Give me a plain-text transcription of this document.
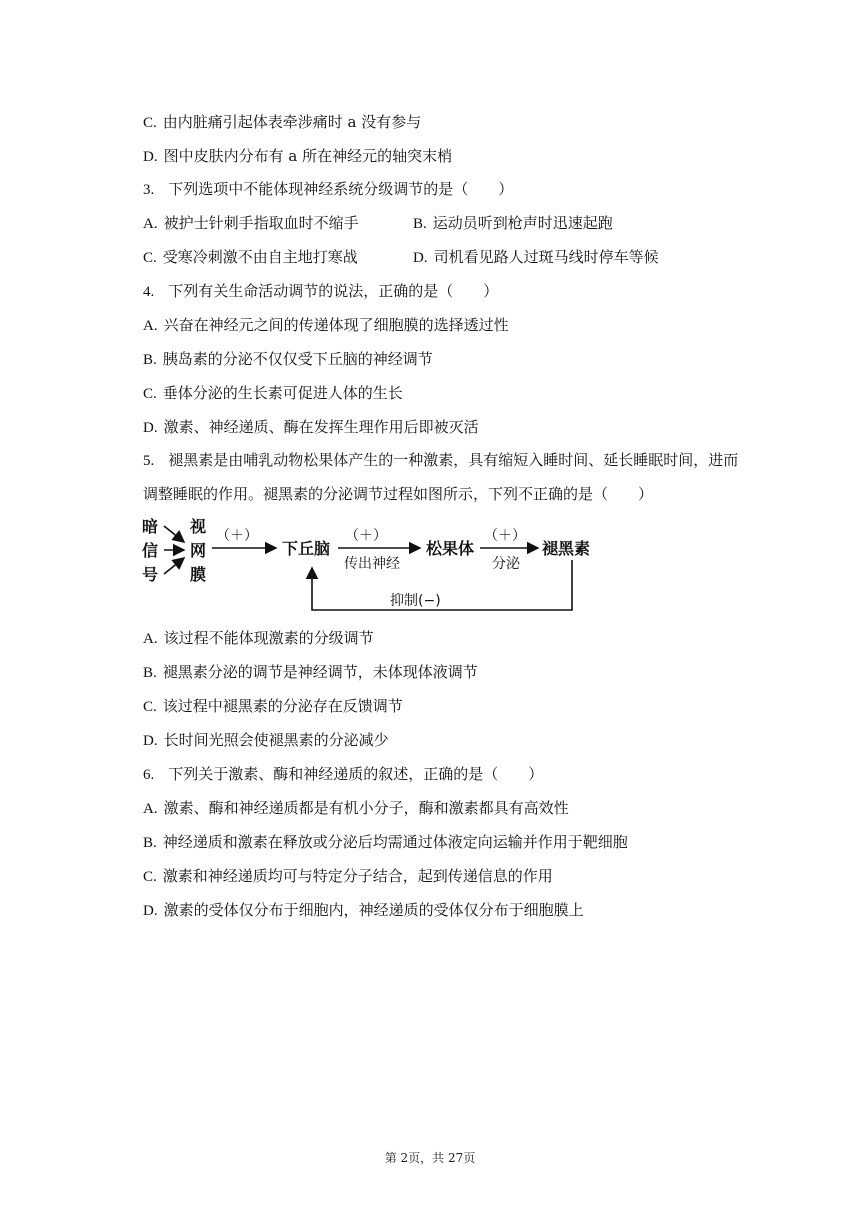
C. 由内脏痛引起体表牵涉痛时 a 没有参与
D. 图中皮肤内分布有 a 所在神经元的轴突末梢
3. 下列选项中不能体现神经系统分级调节的是（　　）
A. 被护士针刺手指取血时不缩手	B. 运动员听到枪声时迅速起跑
C. 受寒冷刺激不由自主地打寒战	D. 司机看见路人过斑马线时停车等候
4. 下列有关生命活动调节的说法，正确的是（　　）
A. 兴奋在神经元之间的传递体现了细胞膜的选择透过性
B. 胰岛素的分泌不仅仅受下丘脑的神经调节
C. 垂体分泌的生长素可促进人体的生长
D. 激素、神经递质、酶在发挥生理作用后即被灭活
5. 褪黑素是由哺乳动物松果体产生的一种激素，具有缩短入睡时间、延长睡眠时间，进而
调整睡眠的作用。褪黑素的分泌调节过程如图所示，下列不正确的是（　　）
暗
信
号
视
网
膜
（＋）
下丘脑
（＋）
传出神经
松果体
（＋）
分泌
褪黑素
抑制(−)
A. 该过程不能体现激素的分级调节
B. 褪黑素分泌的调节是神经调节，未体现体液调节
C. 该过程中褪黑素的分泌存在反馈调节
D. 长时间光照会使褪黑素的分泌减少
6. 下列关于激素、酶和神经递质的叙述，正确的是（　　）
A. 激素、酶和神经递质都是有机小分子，酶和激素都具有高效性
B. 神经递质和激素在释放或分泌后均需通过体液定向运输并作用于靶细胞
C. 激素和神经递质均可与特定分子结合，起到传递信息的作用
D. 激素的受体仅分布于细胞内，神经递质的受体仅分布于细胞膜上
第 2页，共 27页
